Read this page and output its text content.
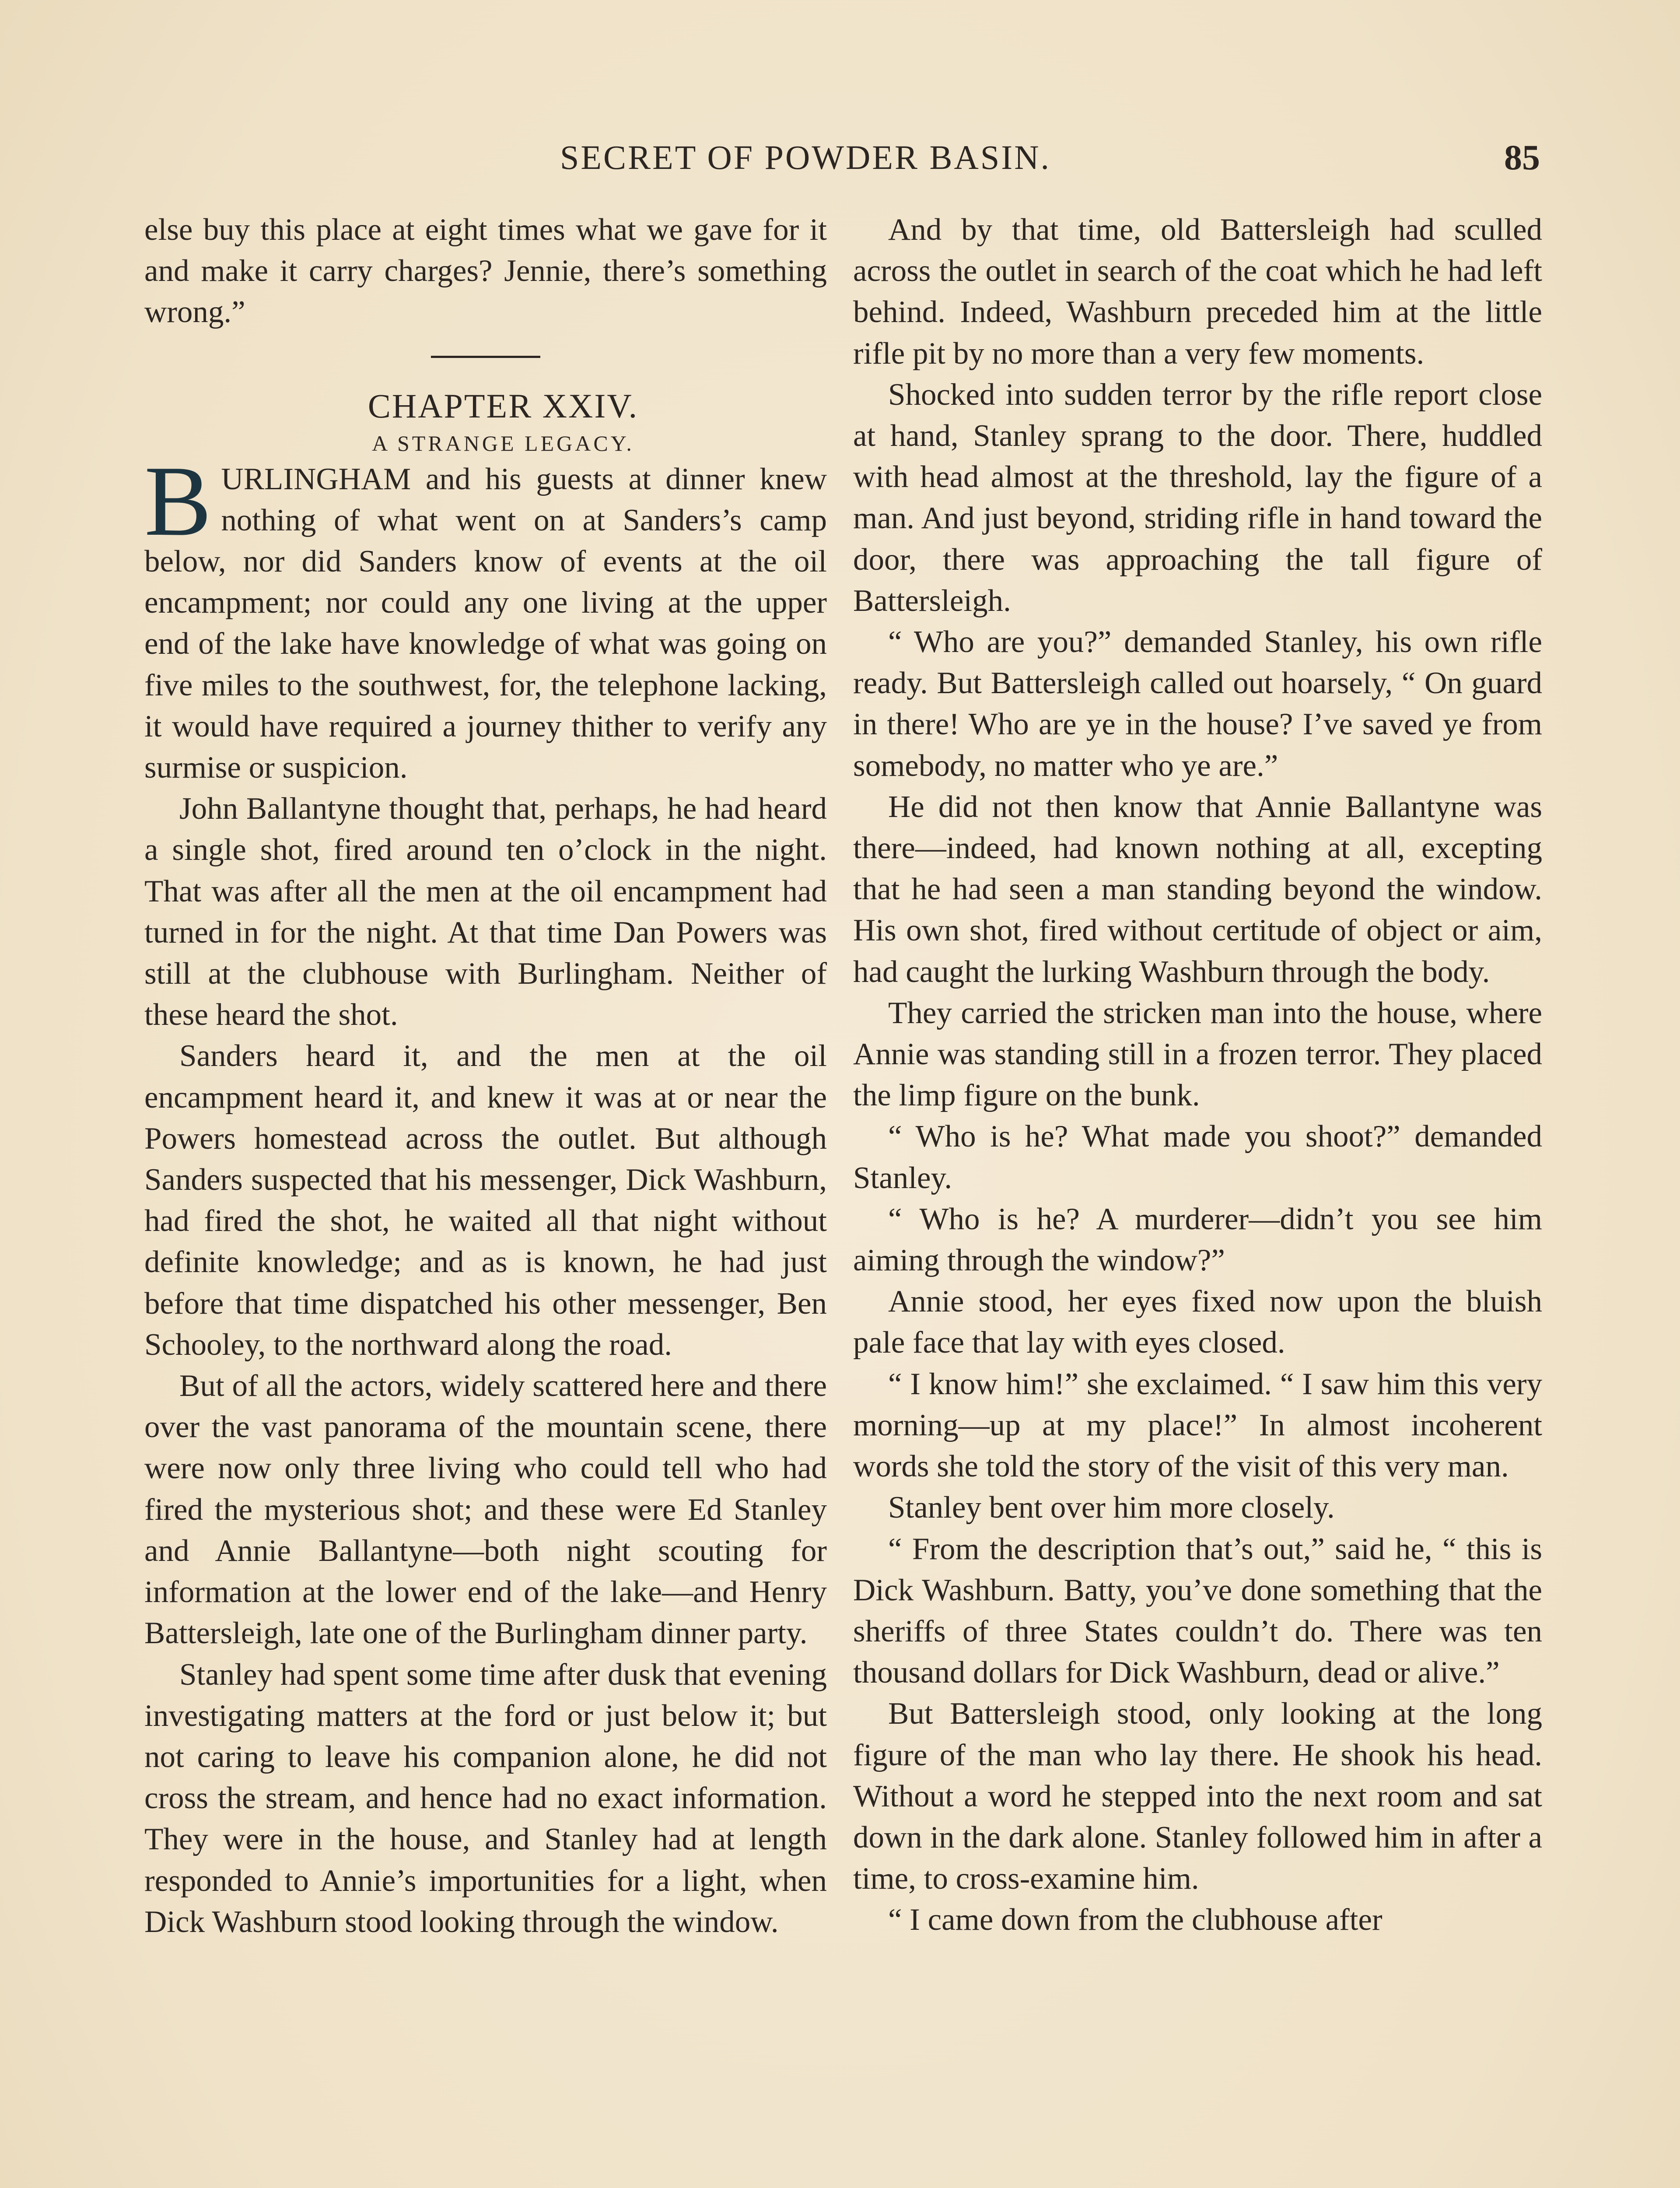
SECRET OF POWDER BASIN.	85

else buy this place at eight times what we gave for it and make it carry charges? Jennie, there’s something wrong.”

CHAPTER XXIV.

A STRANGE LEGACY.

BURLINGHAM and his guests at dinner knew nothing of what went on at Sanders’s camp below, nor did Sanders know of events at the oil encampment; nor could any one living at the upper end of the lake have knowledge of what was going on five miles to the southwest, for, the telephone lacking, it would have required a journey thither to verify any surmise or suspicion.

John Ballantyne thought that, perhaps, he had heard a single shot, fired around ten o’clock in the night. That was after all the men at the oil encampment had turned in for the night. At that time Dan Powers was still at the clubhouse with Burlingham. Neither of these heard the shot.

Sanders heard it, and the men at the oil encampment heard it, and knew it was at or near the Powers homestead across the outlet. But although Sanders suspected that his messenger, Dick Washburn, had fired the shot, he waited all that night without definite knowledge; and as is known, he had just before that time dispatched his other messenger, Ben Schooley, to the northward along the road.

But of all the actors, widely scattered here and there over the vast panorama of the mountain scene, there were now only three living who could tell who had fired the mysterious shot; and these were Ed Stanley and Annie Ballantyne—both night scouting for information at the lower end of the lake—and Henry Battersleigh, late one of the Burlingham dinner party.

Stanley had spent some time after dusk that evening investigating matters at the ford or just below it; but not caring to leave his companion alone, he did not cross the stream, and hence had no exact information. They were in the house, and Stanley had at length responded to Annie’s importunities for a light, when Dick Washburn stood looking through the window.

And by that time, old Battersleigh had sculled across the outlet in search of the coat which he had left behind. Indeed, Washburn preceded him at the little rifle pit by no more than a very few moments.

Shocked into sudden terror by the rifle report close at hand, Stanley sprang to the door. There, huddled with head almost at the threshold, lay the figure of a man. And just beyond, striding rifle in hand toward the door, there was approaching the tall figure of Battersleigh.

“ Who are you?” demanded Stanley, his own rifle ready. But Battersleigh called out hoarsely, “ On guard in there! Who are ye in the house? I’ve saved ye from somebody, no matter who ye are.”

He did not then know that Annie Ballantyne was there—indeed, had known nothing at all, excepting that he had seen a man standing beyond the window. His own shot, fired without certitude of object or aim, had caught the lurking Washburn through the body.

They carried the stricken man into the house, where Annie was standing still in a frozen terror. They placed the limp figure on the bunk.

“ Who is he? What made you shoot?” demanded Stanley.

“ Who is he? A murderer—didn’t you see him aiming through the window?”

Annie stood, her eyes fixed now upon the bluish pale face that lay with eyes closed.

“ I know him!” she exclaimed. “ I saw him this very morning—up at my place!” In almost incoherent words she told the story of the visit of this very man.

Stanley bent over him more closely.

“ From the description that’s out,” said he, “ this is Dick Washburn. Batty, you’ve done something that the sheriffs of three States couldn’t do. There was ten thousand dollars for Dick Washburn, dead or alive.”

But Battersleigh stood, only looking at the long figure of the man who lay there. He shook his head. Without a word he stepped into the next room and sat down in the dark alone. Stanley followed him in after a time, to cross-examine him.

“ I came down from the clubhouse after
